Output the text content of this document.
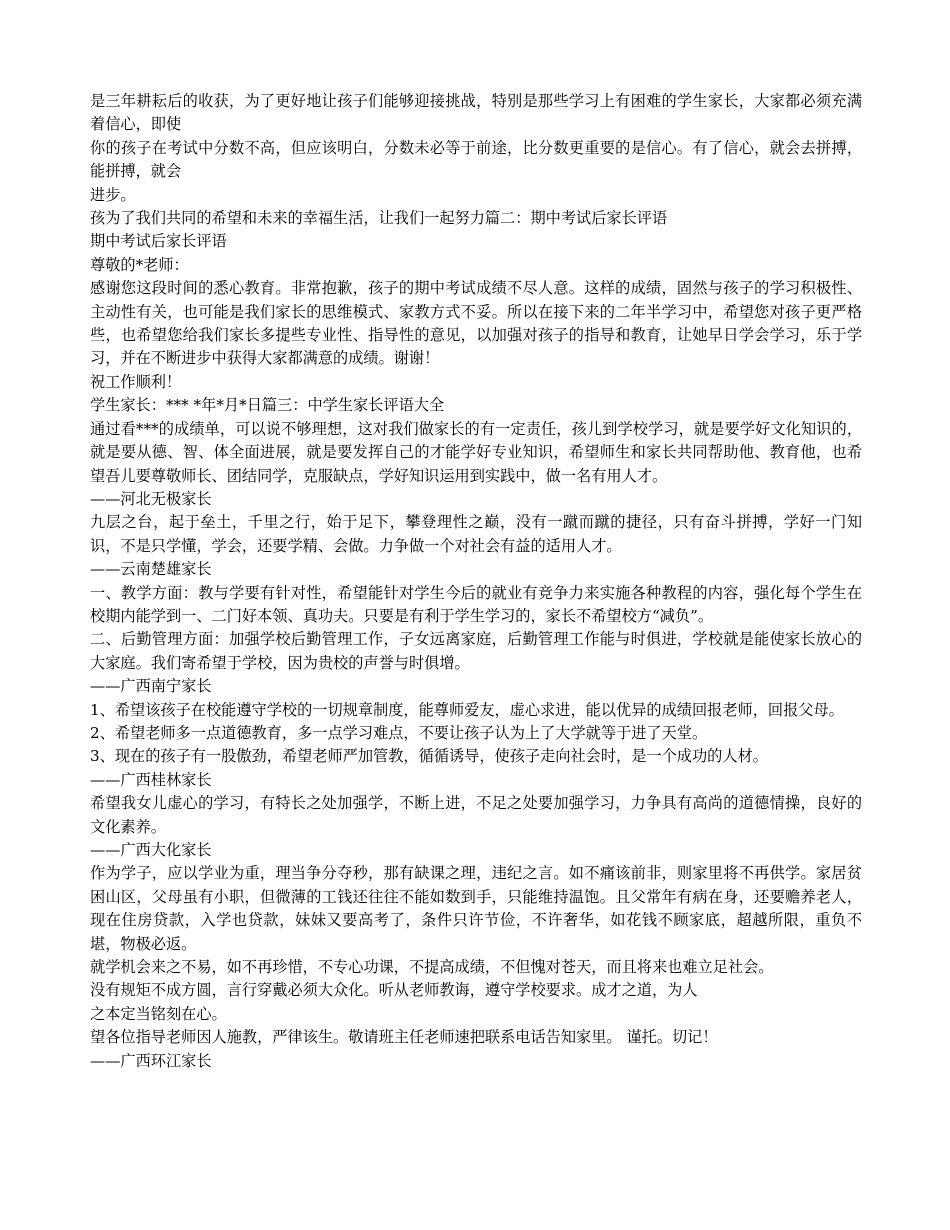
是三年耕耘后的收获，为了更好地让孩子们能够迎接挑战，特别是那些学习上有困难的学生家长，大家都必须充满着信心，即使

你的孩子在考试中分数不高，但应该明白，分数未必等于前途，比分数更重要的是信心。有了信心，就会去拼搏，能拼搏，就会

进步。

孩为了我们共同的希望和未来的幸福生活，让我们一起努力篇二：期中考试后家长评语

期中考试后家长评语

尊敬的*老师：

感谢您这段时间的悉心教育。非常抱歉，孩子的期中考试成绩不尽人意。这样的成绩，固然与孩子的学习积极性、主动性有关，也可能是我们家长的思维模式、家教方式不妥。所以在接下来的二年半学习中，希望您对孩子更严格些，也希望您给我们家长多提些专业性、指导性的意见，以加强对孩子的指导和教育，让她早日学会学习，乐于学习，并在不断进步中获得大家都满意的成绩。谢谢！

祝工作顺利！

学生家长：*** *年*月*日篇三：中学生家长评语大全

通过看***的成绩单，可以说不够理想，这对我们做家长的有一定责任，孩儿到学校学习，就是要学好文化知识的，就是要从德、智、体全面进展，就是要发挥自己的才能学好专业知识，希望师生和家长共同帮助他、教育他，也希望吾儿要尊敬师长、团结同学，克服缺点，学好知识运用到实践中，做一名有用人才。

——河北无极家长

九层之台，起于垒土，千里之行，始于足下，攀登理性之巅，没有一蹴而蹴的捷径，只有奋斗拼搏，学好一门知识，不是只学懂，学会，还要学精、会做。力争做一个对社会有益的适用人才。

——云南楚雄家长

一、教学方面：教与学要有针对性，希望能针对学生今后的就业有竞争力来实施各种教程的内容，强化每个学生在校期内能学到一、二门好本领、真功夫。只要是有利于学生学习的，家长不希望校方“减负”。

二、后勤管理方面：加强学校后勤管理工作，子女远离家庭，后勤管理工作能与时俱进，学校就是能使家长放心的大家庭。我们寄希望于学校，因为贵校的声誉与时俱增。

——广西南宁家长

1、希望该孩子在校能遵守学校的一切规章制度，能尊师爱友，虚心求进，能以优异的成绩回报老师，回报父母。

2、希望老师多一点道德教育，多一点学习难点，不要让孩子认为上了大学就等于进了天堂。

3、现在的孩子有一股傲劲，希望老师严加管教，循循诱导，使孩子走向社会时，是一个成功的人材。

——广西桂林家长

希望我女儿虚心的学习，有特长之处加强学，不断上进，不足之处要加强学习，力争具有高尚的道德情操，良好的文化素养。

——广西大化家长

作为学子，应以学业为重，理当争分夺秒，那有缺课之理，违纪之言。如不痛该前非，则家里将不再供学。家居贫困山区，父母虽有小职，但微薄的工钱还往往不能如数到手，只能维持温饱。且父常年有病在身，还要赡养老人，现在住房贷款，入学也贷款，妹妹又要高考了，条件只许节俭，不许奢华，如花钱不顾家底，超越所限，重负不堪，物极必返。

就学机会来之不易，如不再珍惜，不专心功课，不提高成绩，不但愧对苍天，而且将来也难立足社会。

没有规矩不成方圆，言行穿戴必须大众化。听从老师教诲，遵守学校要求。成才之道，为人

之本定当铭刻在心。

望各位指导老师因人施教，严律该生。敬请班主任老师速把联系电话告知家里。 谨托。切记！

——广西环江家长
